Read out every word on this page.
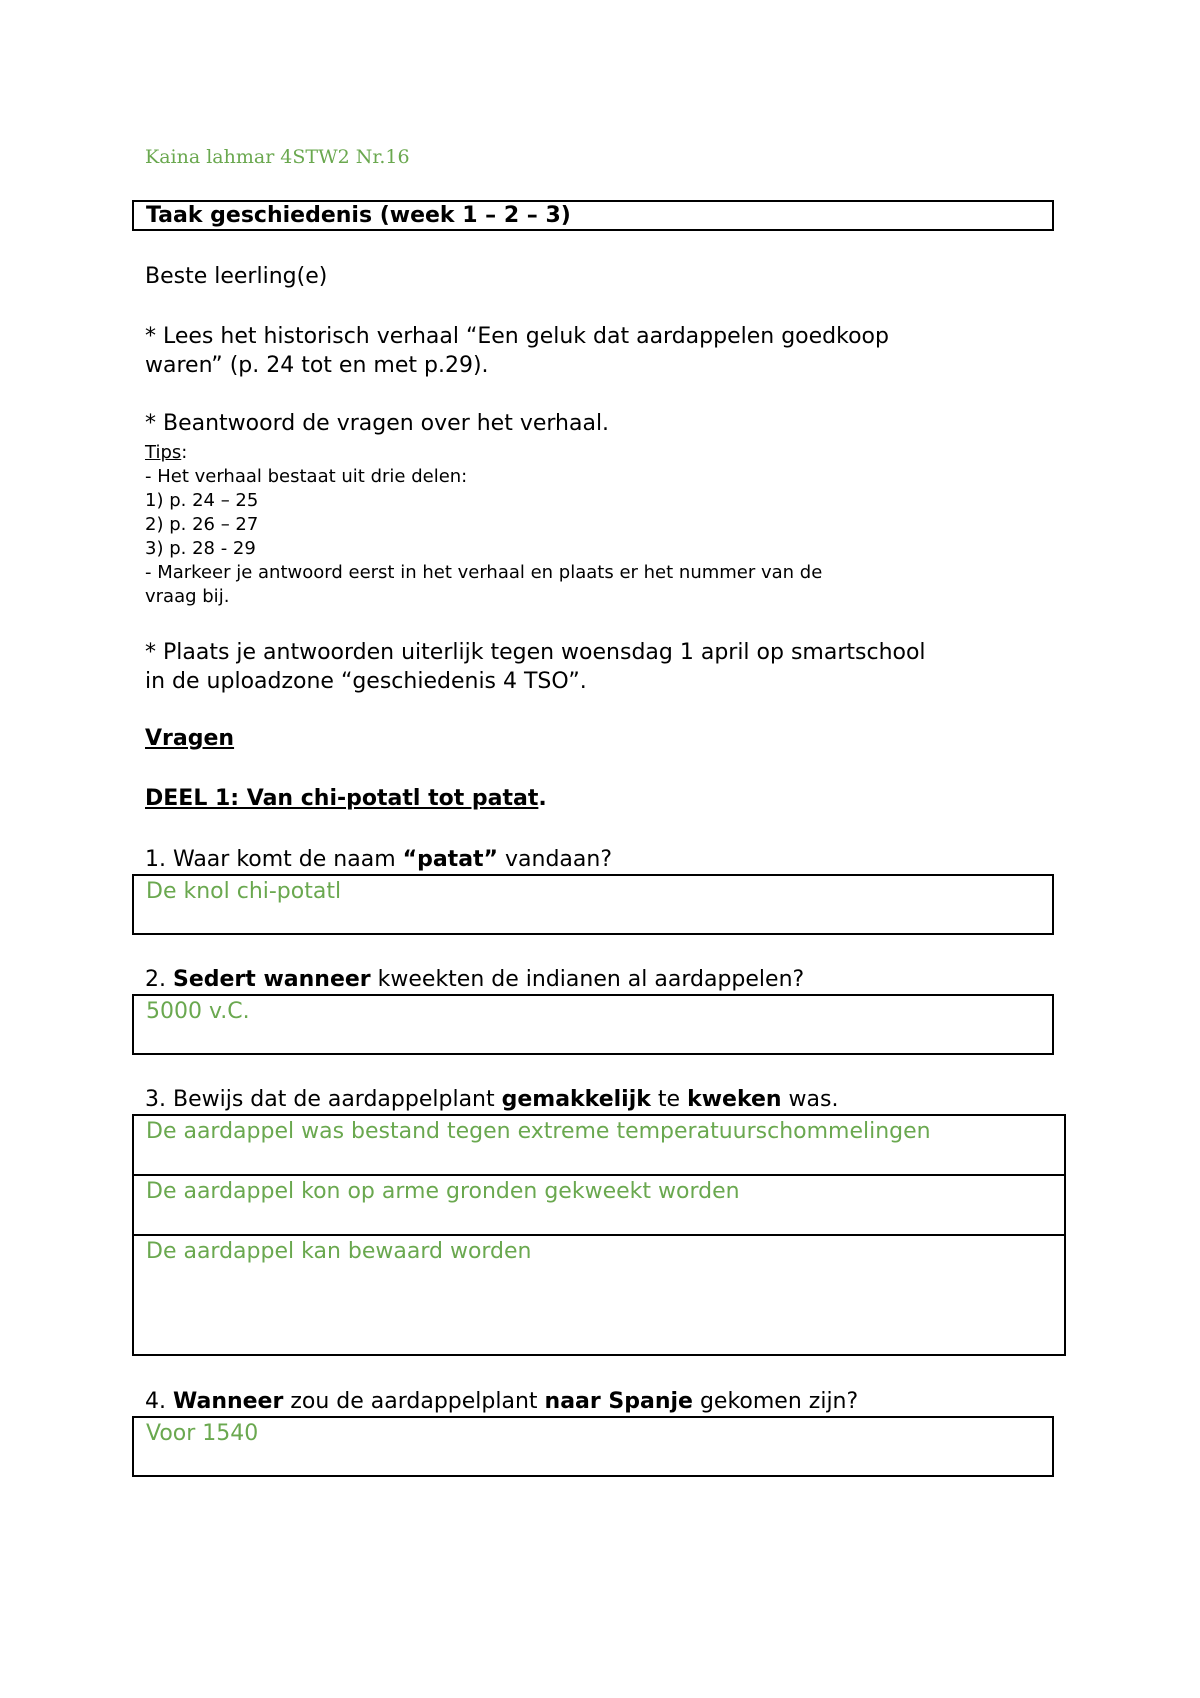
Kaina lahmar 4STW2 Nr.16
Taak geschiedenis (week 1 – 2 – 3)
Beste leerling(e)
* Lees het historisch verhaal “Een geluk dat aardappelen goedkoop
waren” (p. 24 tot en met p.29).
* Beantwoord de vragen over het verhaal.
Tips:
- Het verhaal bestaat uit drie delen:
1) p. 24 – 25
2) p. 26 – 27
3) p. 28 - 29
- Markeer je antwoord eerst in het verhaal en plaats er het nummer van de
vraag bij.
* Plaats je antwoorden uiterlijk tegen woensdag 1 april op smartschool
in de uploadzone “geschiedenis 4 TSO”.
Vragen
DEEL 1: Van chi-potatl tot patat.
1. Waar komt de naam “patat” vandaan?
De knol chi-potatl
2. Sedert wanneer kweekten de indianen al aardappelen?
5000 v.C.
3. Bewijs dat de aardappelplant gemakkelijk te kweken was.
De aardappel was bestand tegen extreme temperatuurschommelingen
De aardappel kon op arme gronden gekweekt worden
De aardappel kan bewaard worden
4. Wanneer zou de aardappelplant naar Spanje gekomen zijn?
Voor 1540
